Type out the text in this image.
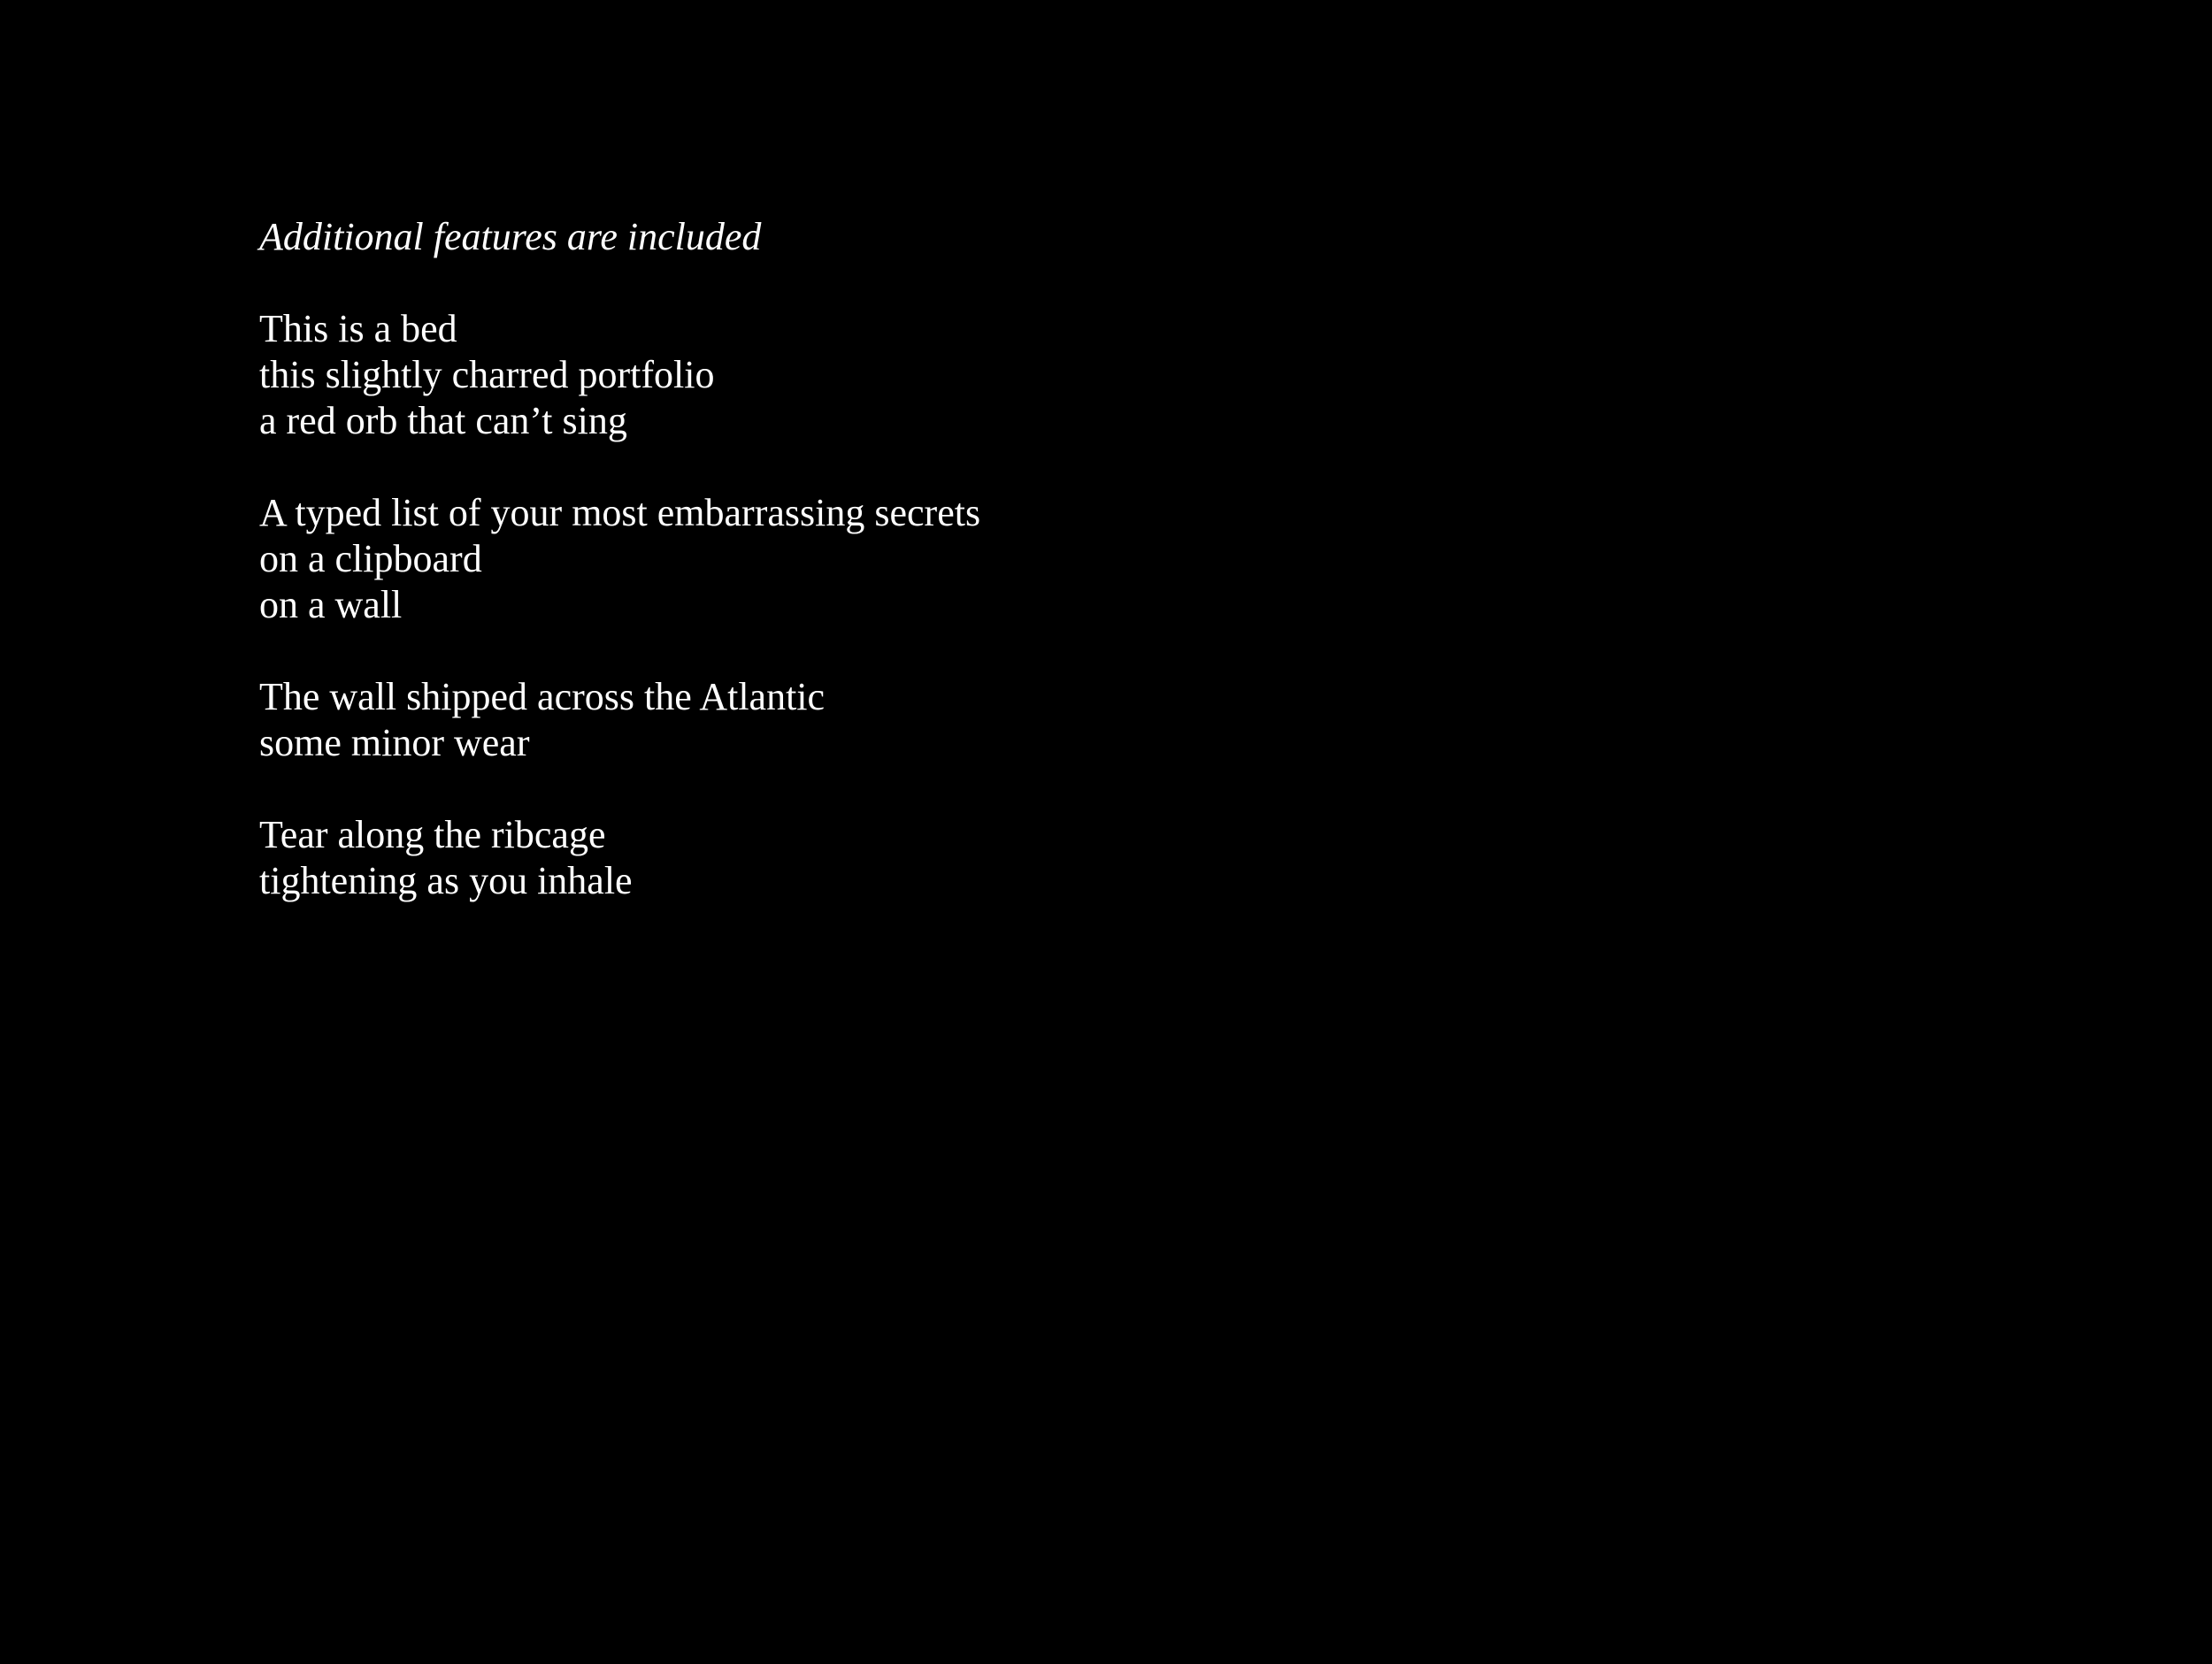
Additional features are included
This is a bed
this slightly charred portfolio
a red orb that can’t sing
A typed list of your most embarrassing secrets
on a clipboard
on a wall
The wall shipped across the Atlantic
some minor wear
Tear along the ribcage
tightening as you inhale
